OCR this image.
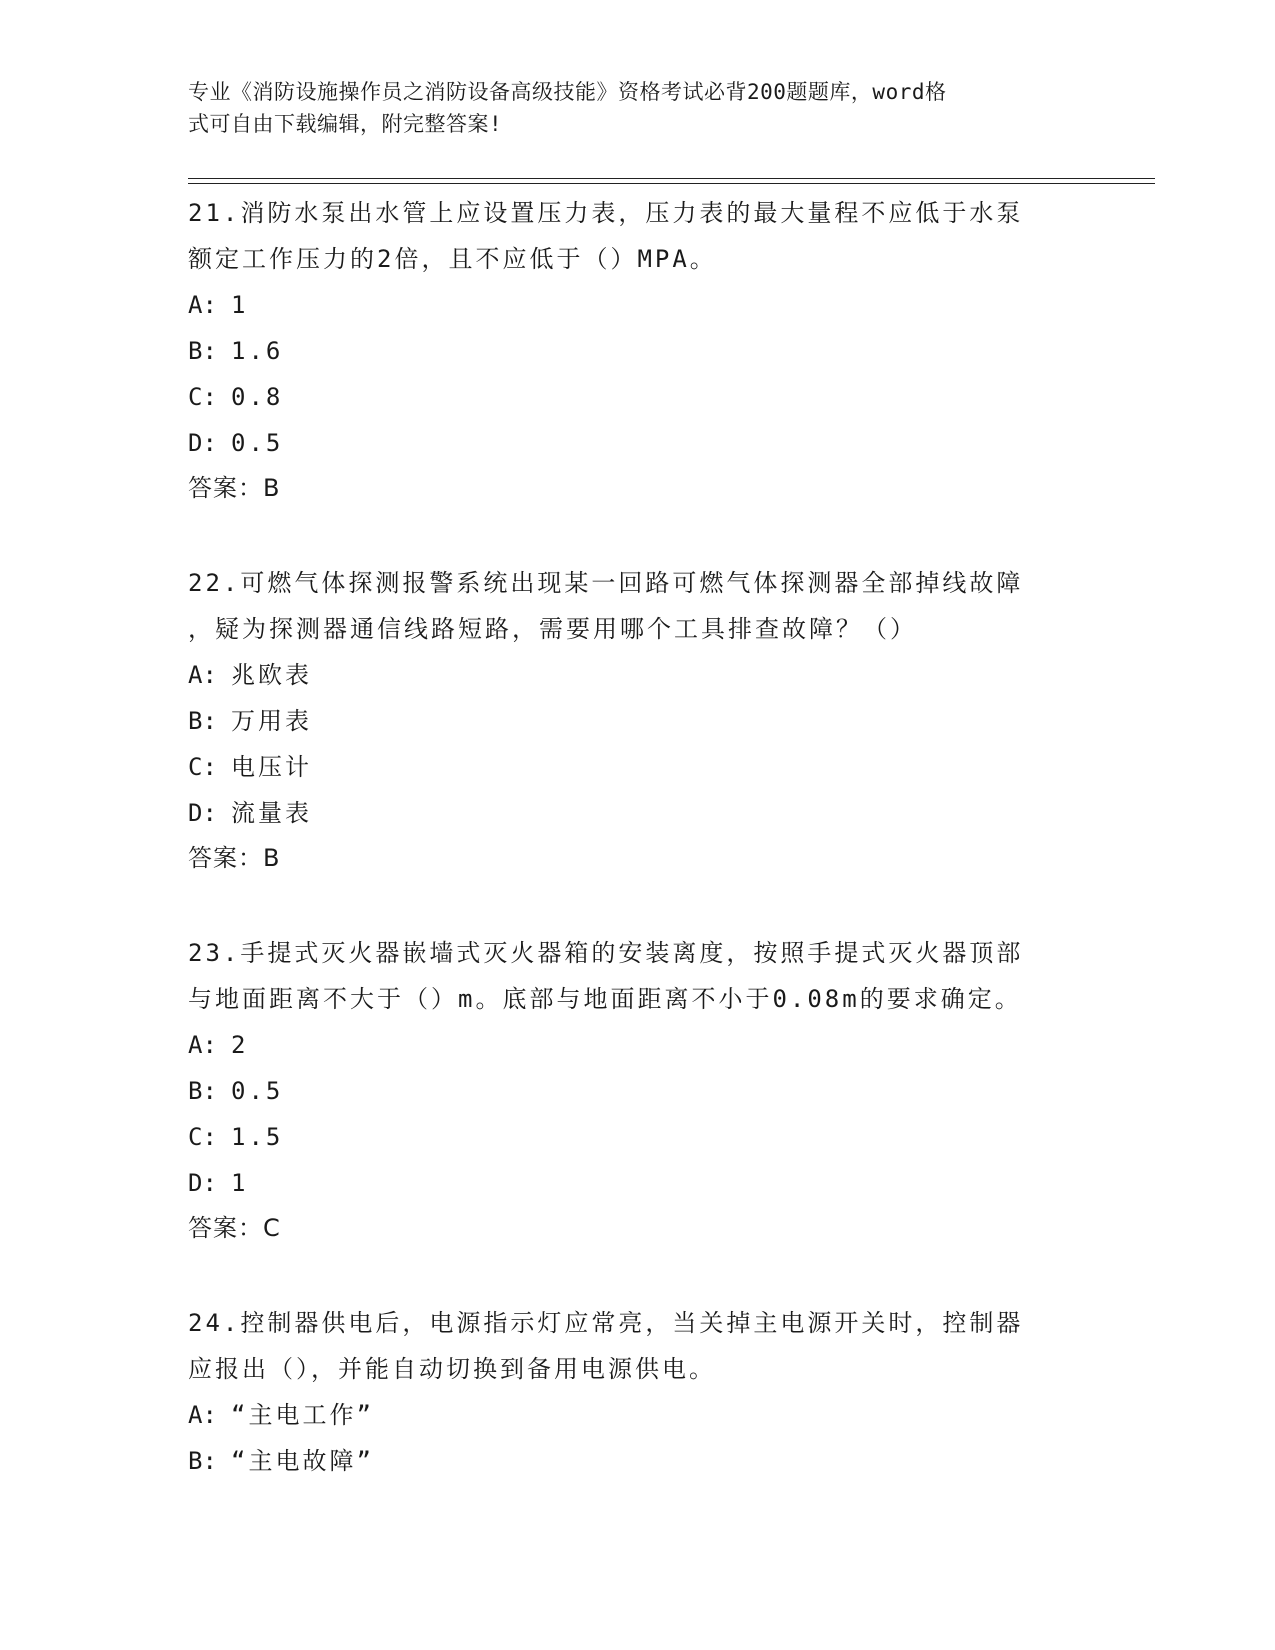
专业《消防设施操作员之消防设备高级技能》资格考试必背200题题库，word格
式可自由下载编辑，附完整答案!
21.消防水泵出水管上应设置压力表，压力表的最大量程不应低于水泵
额定工作压力的2倍，且不应低于（）MPA。
A: 1
B: 1.6
C: 0.8
D: 0.5
答案：B
22.可燃气体探测报警系统出现某一回路可燃气体探测器全部掉线故障
，疑为探测器通信线路短路，需要用哪个工具排查故障？（）
A: 兆欧表
B: 万用表
C: 电压计
D: 流量表
答案：B
23.手提式灭火器嵌墙式灭火器箱的安装离度，按照手提式灭火器顶部
与地面距离不大于（）m。底部与地面距离不小于0.08m的要求确定。
A: 2
B: 0.5
C: 1.5
D: 1
答案：C
24.控制器供电后，电源指示灯应常亮，当关掉主电源开关时，控制器
应报出（），并能自动切换到备用电源供电。
A: “主电工作”
B: “主电故障”
